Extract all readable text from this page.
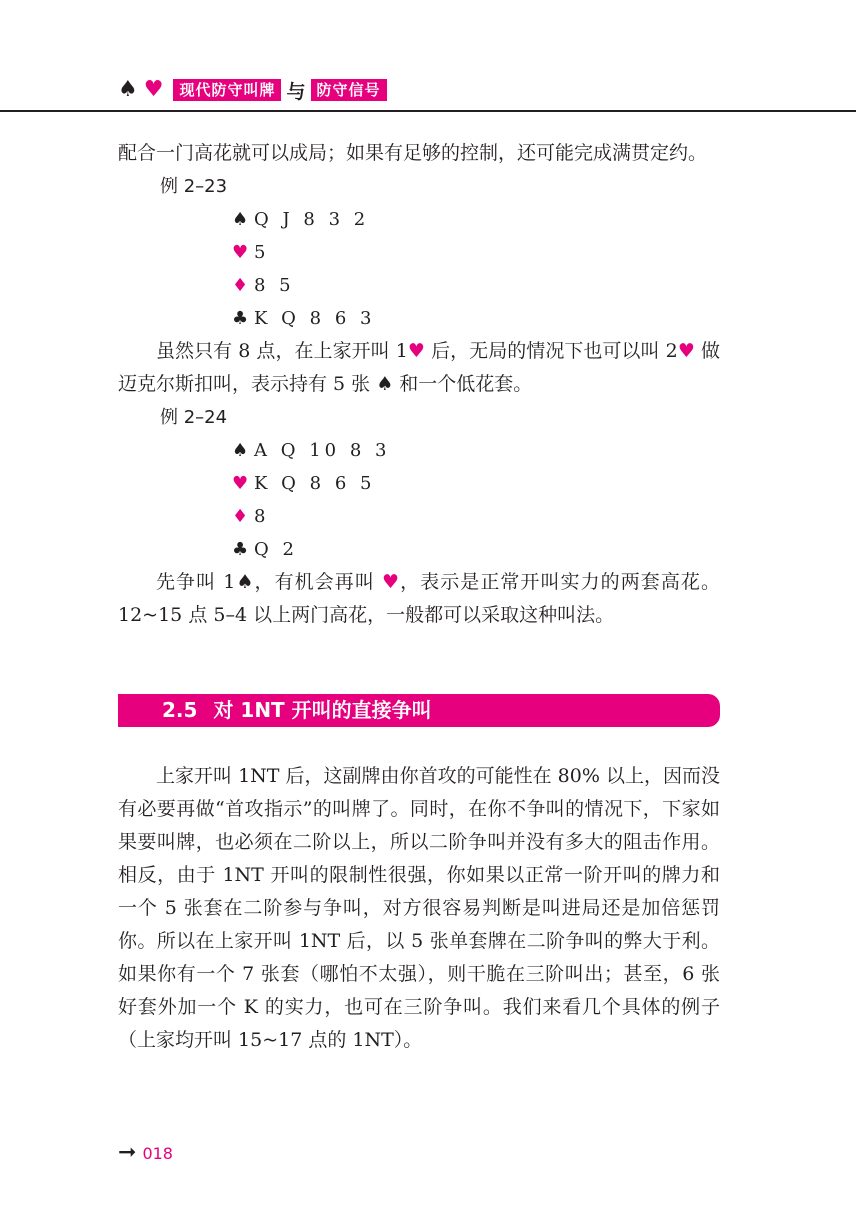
♠ ♥	现代防守叫牌 与 防守信号

配合一门高花就可以成局；如果有足够的控制，还可能完成满贯定约。

例 2–23

♠ Q J 8 3 2
♥ 5
♦ 8 5
♣ K Q 8 6 3

虽然只有 8 点，在上家开叫 1♥ 后，无局的情况下也可以叫 2♥ 做迈克尔斯扣叫，表示持有 5 张 ♠ 和一个低花套。

例 2–24

♠ A Q 10 8 3
♥ K Q 8 6 5
♦ 8
♣ Q 2

先争叫 1♠，有机会再叫 ♥，表示是正常开叫实力的两套高花。12~15 点 5–4 以上两门高花，一般都可以采取这种叫法。

2.5 对 1NT 开叫的直接争叫

上家开叫 1NT 后，这副牌由你首攻的可能性在 80% 以上，因而没有必要再做“首攻指示”的叫牌了。同时，在你不争叫的情况下，下家如果要叫牌，也必须在二阶以上，所以二阶争叫并没有多大的阻击作用。相反，由于 1NT 开叫的限制性很强，你如果以正常一阶开叫的牌力和一个 5 张套在二阶参与争叫，对方很容易判断是叫进局还是加倍惩罚你。所以在上家开叫 1NT 后，以 5 张单套牌在二阶争叫的弊大于利。如果你有一个 7 张套（哪怕不太强），则干脆在三阶叫出；甚至，6 张好套外加一个 K 的实力，也可在三阶争叫。我们来看几个具体的例子（上家均开叫 15~17 点的 1NT）。

➞ 018
